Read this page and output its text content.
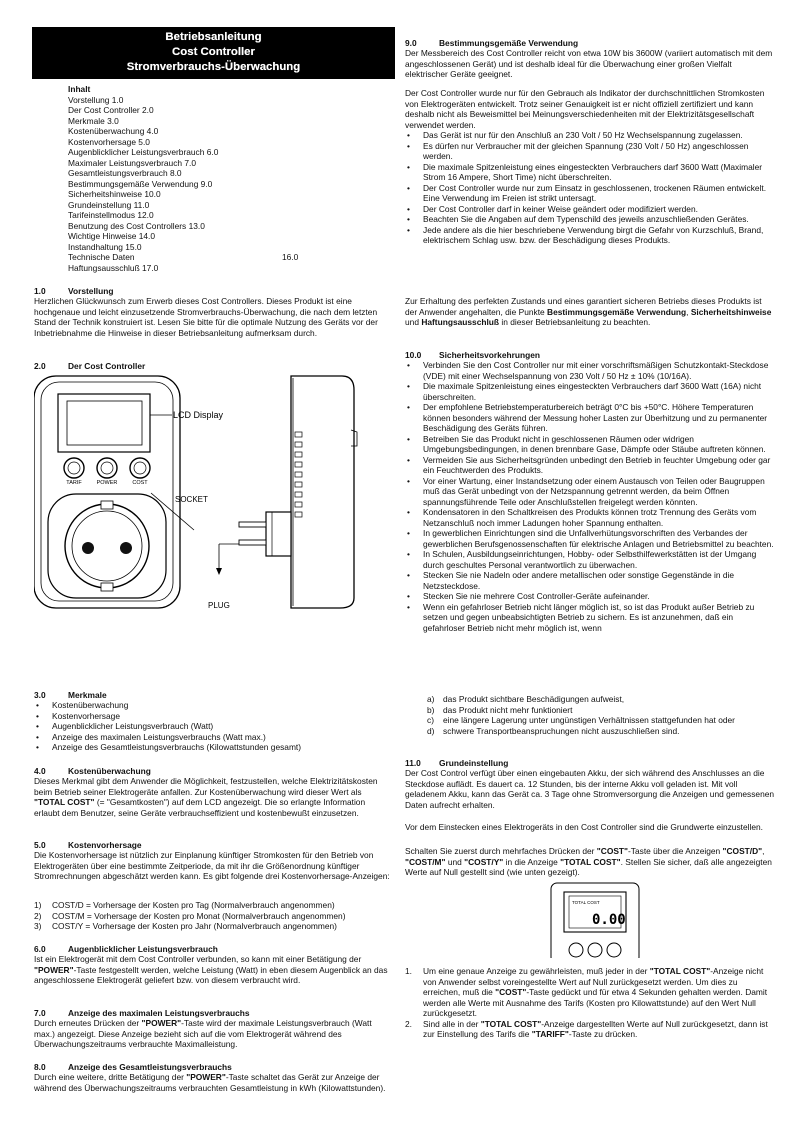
Betriebsanleitung
Cost Controller
Stromverbrauchs-Überwachung
Inhalt
Vorstellung 1.0
Der Cost Controller 2.0
Merkmale 3.0
Kostenüberwachung 4.0
Kostenvorhersage 5.0
Augenblicklicher Leistungsverbrauch 6.0
Maximaler Leistungsverbrauch 7.0
Gesamtleistungsverbrauch 8.0
Bestimmungsgemäße Verwendung 9.0
Sicherheitshinweise 10.0
Grundeinstellung 11.0
Tarifeinstellmodus 12.0
Benutzung des Cost Controllers 13.0
Wichtige Hinweise 14.0
Instandhaltung 15.0
Technische Daten	16.0
Haftungsausschluß 17.0
1.0	Vorstellung

Herzlichen Glückwunsch zum Erwerb dieses Cost Controllers. Dieses Produkt ist eine hochgenaue und leicht einzusetzende Stromverbrauchs-Überwachung, die nach dem letzten Stand der Technik konstruiert ist. Lesen Sie bitte für die optimale Nutzung des Geräts vor der Inbetriebnahme die Hinweise in dieser Betriebsanleitung aufmerksam durch.

2.0	Der Cost Controller
TARIF	POWER	COST
LCD Display
SOCKET
PLUG
3.0	Merkmale
• Kostenüberwachung
• Kostenvorhersage
• Augenblicklicher Leistungsverbrauch (Watt)
• Anzeige des maximalen Leistungsverbrauchs (Watt max.)
• Anzeige des Gesamtleistungsverbrauchs (Kilowattstunden gesamt)
4.0	Kostenüberwachung

Dieses Merkmal gibt dem Anwender die Möglichkeit, festzustellen, welche Elektrizitätskosten beim Betrieb seiner Elektrogeräte anfallen. Zur Kostenüberwachung wird dieser Wert als "TOTAL COST" (= "Gesamtkosten") auf dem LCD angezeigt. Die so erlangte Information erlaubt dem Benutzer, seine Geräte verbrauchseffizient und kostenbewußt einzusetzen.

5.0	Kostenvorhersage

Die Kostenvorhersage ist nützlich zur Einplanung künftiger Stromkosten für den Betrieb von Elektrogeräten über eine bestimmte Zeitperiode, da mit ihr die Größenordnung künftiger Stromrechnungen abgeschätzt werden kann. Es gibt folgende drei Kostenvorhersage-Anzeigen:

1) COST/D = Vorhersage der Kosten pro Tag (Normalverbrauch angenommen)
2) COST/M = Vorhersage der Kosten pro Monat (Normalverbrauch angenommen)
3) COST/Y = Vorhersage der Kosten pro Jahr (Normalverbrauch angenommen)
6.0	Augenblicklicher Leistungsverbrauch

Ist ein Elektrogerät mit dem Cost Controller verbunden, so kann mit einer Betätigung der "POWER"-Taste festgestellt werden, welche Leistung (Watt) in eben diesem Augenblick an das angeschlossene Elektrogerät geliefert bzw. von diesem verbraucht wird.

7.0	Anzeige des maximalen Leistungsverbrauchs

Durch erneutes Drücken der "POWER"-Taste wird der maximale Leistungsverbrauch (Watt max.) angezeigt. Diese Anzeige bezieht sich auf die vom Elektrogerät während des Überwachungszeitraums verbrauchte Maximalleistung.

8.0	Anzeige des Gesamtleistungsverbrauchs

Durch eine weitere, dritte Betätigung der "POWER"-Taste schaltet das Gerät zur Anzeige der während des Überwachungszeitraums verbrauchten Gesamtleistung in kWh (Kilowattstunden).

9.0	Bestimmungsgemäße Verwendung

Der Messbereich des Cost Controller reicht von etwa 10W bis 3600W (variiert automatisch mit dem angeschlossenen Gerät) und ist deshalb ideal für die Überwachung einer großen Vielfalt elektrischer Geräte geeignet.

Der Cost Controller wurde nur für den Gebrauch als Indikator der durchschnittlichen Stromkosten von Elektrogeräten entwickelt. Trotz seiner Genauigkeit ist er nicht offiziell zertifiziert und kann deshalb nicht als Beweismittel bei Meinungsverschiedenheiten mit der Elektrizitätsgesellschaft verwendet werden.

• Das Gerät ist nur für den Anschluß an 230 Volt / 50 Hz Wechselspannung zugelassen.
• Es dürfen nur Verbraucher mit der gleichen Spannung (230 Volt / 50 Hz) angeschlossen werden.
• Die maximale Spitzenleistung eines eingesteckten Verbrauchers darf 3600 Watt (Maximaler Strom 16 Ampere, Short Time) nicht überschreiten.
• Der Cost Controller wurde nur zum Einsatz in geschlossenen, trockenen Räumen entwickelt. Eine Verwendung im Freien ist strikt untersagt.
• Der Cost Controller darf in keiner Weise geändert oder modifiziert werden.
• Beachten Sie die Angaben auf dem Typenschild des jeweils anzuschließenden Gerätes.
• Jede andere als die hier beschriebene Verwendung birgt die Gefahr von Kurzschluß, Brand, elektrischem Schlag usw. bzw. der Beschädigung dieses Produkts.

Zur Erhaltung des perfekten Zustands und eines garantiert sicheren Betriebs dieses Produkts ist der Anwender angehalten, die Punkte Bestimmungsgemäße Verwendung, Sicherheitshinweise und Haftungsausschluß in dieser Betriebsanleitung zu beachten.

10.0 Sicherheitsvorkehrungen
• Verbinden Sie den Cost Controller nur mit einer vorschriftsmäßigen Schutzkontakt-Steckdose (VDE) mit einer Wechselspannung von 230 Volt / 50 Hz ± 10% (10/16A).
• Die maximale Spitzenleistung eines eingesteckten Verbrauchers darf 3600 Watt (16A) nicht überschreiten.
• Der empfohlene Betriebstemperaturbereich beträgt 0°C bis +50°C. Höhere Temperaturen können besonders während der Messung hoher Lasten zur Überhitzung und zu permanenter Beschädigung des Geräts führen.
• Betreiben Sie das Produkt nicht in geschlossenen Räumen oder widrigen Umgebungsbedingungen, in denen brennbare Gase, Dämpfe oder Stäube auftreten können.
• Vermeiden Sie aus Sicherheitsgründen unbedingt den Betrieb in feuchter Umgebung oder gar ein Feuchtwerden des Produkts.
• Vor einer Wartung, einer Instandsetzung oder einem Austausch von Teilen oder Baugruppen muß das Gerät unbedingt von der Netzspannung getrennt werden, da beim Öffnen spannungsführende Teile oder Anschlußstellen freigelegt werden könnten.
• Kondensatoren in den Schaltkreisen des Produkts können trotz Trennung des Geräts vom Netzanschluß noch immer Ladungen hoher Spannung enthalten.
• In gewerblichen Einrichtungen sind die Unfallverhütungsvorschriften des Verbandes der gewerblichen Berufsgenossenschaften für elektrische Anlagen und Betriebsmittel zu beachten.
• In Schulen, Ausbildungseinrichtungen, Hobby- oder Selbsthilfewerkstätten ist der Umgang durch geschultes Personal verantwortlich zu überwachen.
• Stecken Sie nie Nadeln oder andere metallischen oder sonstige Gegenstände in die Netzsteckdose.
• Stecken Sie nie mehrere Cost Controller-Geräte aufeinander.
• Wenn ein gefahrloser Betrieb nicht länger möglich ist, so ist das Produkt außer Betrieb zu setzen und gegen unbeabsichtigten Betrieb zu sichern. Es ist anzunehmen, daß ein gefahrloser Betrieb nicht mehr möglich ist, wenn
a) das Produkt sichtbare Beschädigungen aufweist,
b) das Produkt nicht mehr funktioniert
c) eine längere Lagerung unter ungünstigen Verhältnissen stattgefunden hat oder
d) schwere Transportbeanspruchungen nicht auszuschließen sind.
11.0 Grundeinstellung

Der Cost Control verfügt über einen eingebauten Akku, der sich während des Anschlusses an die Steckdose auflädt. Es dauert ca. 12 Stunden, bis der interne Akku voll geladen ist. Mit voll geladenem Akku, kann das Gerät ca. 3 Tage ohne Stromversorgung die Anzeigen und gemessenen Daten aufrecht erhalten.

Vor dem Einstecken eines Elektrogeräts in den Cost Controller sind die Grundwerte einzustellen.

Schalten Sie zuerst durch mehrfaches Drücken der "COST"-Taste über die Anzeigen "COST/D", "COST/M" und "COST/Y" in die Anzeige "TOTAL COST". Stellen Sie sicher, daß alle angezeigten Werte auf Null gestellt sind (wie unten gezeigt).

TOTAL COST
0.00
1. Um eine genaue Anzeige zu gewährleisten, muß jeder in der "TOTAL COST"-Anzeige nicht von Anwender selbst voreingestellte Wert auf Null zurückgesetzt werden. Um dies zu erreichen, muß die "COST"-Taste gedückt und für etwa 4 Sekunden gehalten werden. Damit werden alle Werte mit Ausnahme des Tarifs (Kosten pro Kilowattstunde) auf den Wert Null zurückgesetzt.
2. Sind alle in der "TOTAL COST"-Anzeige dargestellten Werte auf Null zurückgesetzt, dann ist zur Einstellung des Tarifs die "TARIFF"-Taste zu drücken.
